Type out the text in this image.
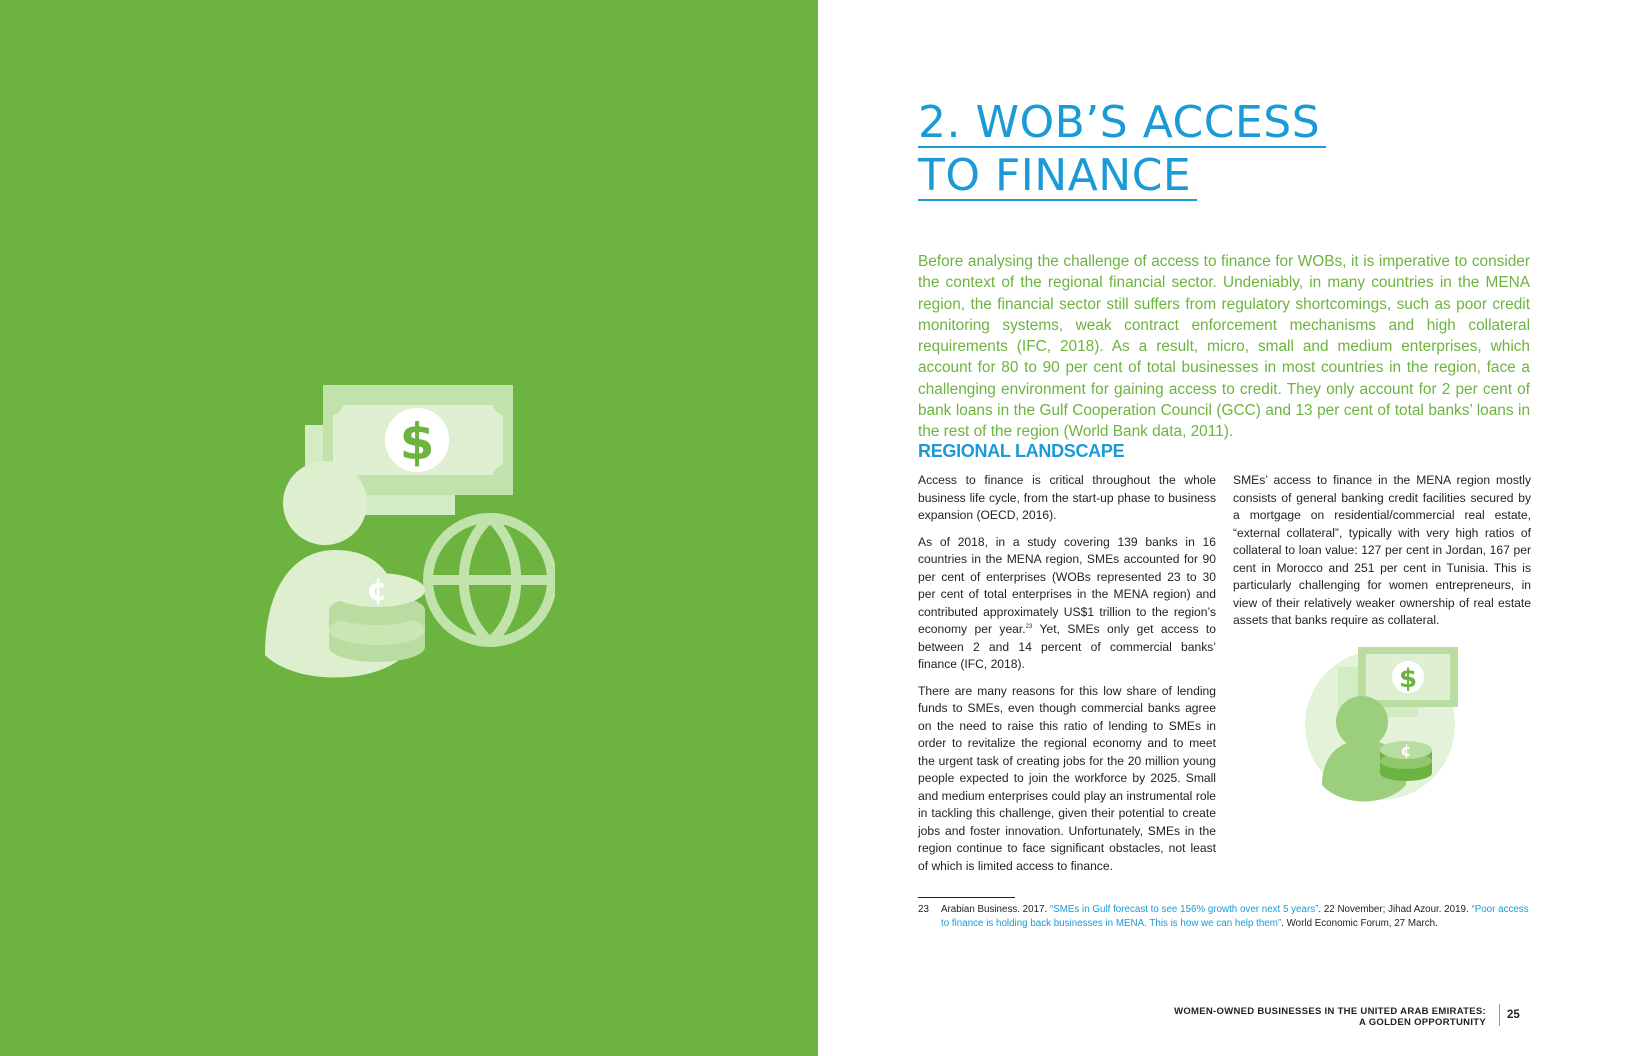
$
¢
2. WOB’S ACCESS
TO FINANCE

Before analysing the challenge of access to finance for WOBs, it is imperative to consider the context of the regional financial sector. Undeniably, in many countries in the MENA region, the financial sector still suffers from regulatory shortcomings, such as poor credit monitoring systems, weak contract enforcement mechanisms and high collateral requirements (IFC, 2018). As a result, micro, small and medium enterprises, which account for 80 to 90 per cent of total businesses in most countries in the region, face a challenging environment for gaining access to credit. They only account for 2 per cent of bank loans in the Gulf Cooperation Council (GCC) and 13 per cent of total banks’ loans in the rest of the region (World Bank data, 2011).

REGIONAL LANDSCAPE

Access to finance is critical throughout the whole business life cycle, from the start-up phase to business expansion (OECD, 2016).

As of 2018, in a study covering 139 banks in 16 countries in the MENA region, SMEs accounted for 90 per cent of enterprises (WOBs represented 23 to 30 per cent of total enterprises in the MENA region) and contributed approximately US$1 trillion to the region’s economy per year.$^{23}$ Yet, SMEs only get access to between 2 and 14 percent of commercial banks’ finance (IFC, 2018).

There are many reasons for this low share of lending funds to SMEs, even though commercial banks agree on the need to raise this ratio of lending to SMEs in order to revitalize the regional economy and to meet the urgent task of creating jobs for the 20 million young people expected to join the workforce by 2025. Small and medium enterprises could play an instrumental role in tackling this challenge, given their potential to create jobs and foster innovation. Unfortunately, SMEs in the region continue to face significant obstacles, not least of which is limited access to finance.

SMEs’ access to finance in the MENA region mostly consists of general banking credit facilities secured by a mortgage on residential/commercial real estate, “external collateral”, typically with very high ratios of collateral to loan value: 127 per cent in Jordan, 167 per cent in Morocco and 251 per cent in Tunisia. This is particularly challenging for women entrepreneurs, in view of their relatively weaker ownership of real estate assets that banks require as collateral.

$
¢
23 Arabian Business. 2017. “SMEs in Gulf forecast to see 156% growth over next 5 years”. 22 November; Jihad Azour. 2019. “Poor access to finance is holding back businesses in MENA. This is how we can help them”. World Economic Forum, 27 March.
WOMEN-OWNED BUSINESSES IN THE UNITED ARAB EMIRATES:
A GOLDEN OPPORTUNITY
25
